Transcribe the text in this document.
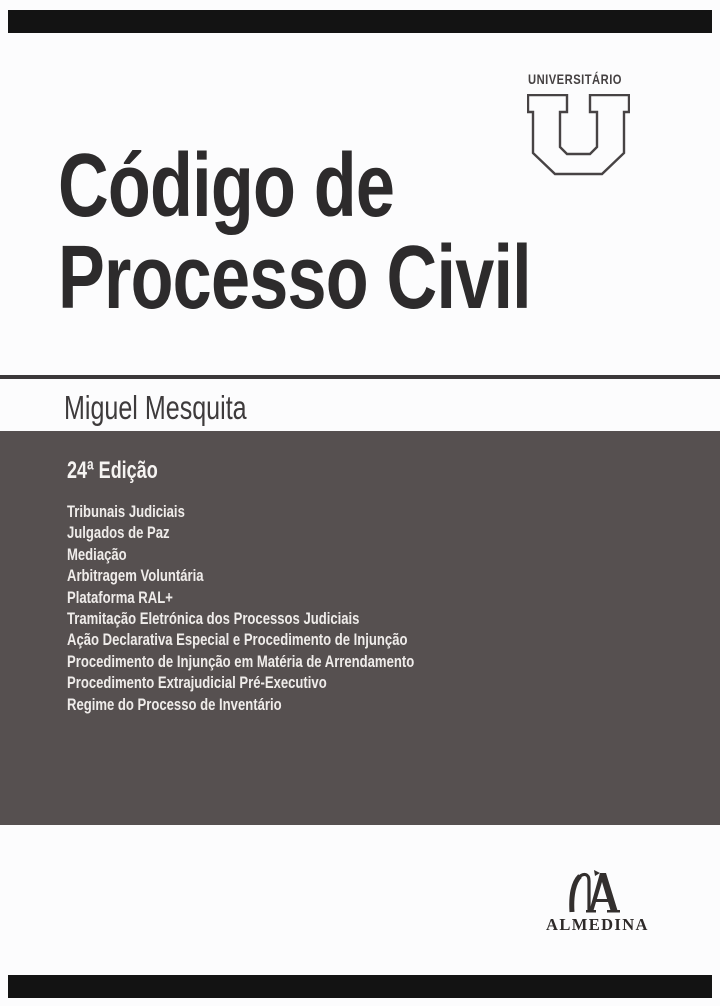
UNIVERSITÁRIO
Código de
Processo Civil
Miguel Mesquita
24ª Edição
Tribunais Judiciais
Julgados de Paz
Mediação
Arbitragem Voluntária
Plataforma RAL+
Tramitação Eletrónica dos Processos Judiciais
Ação Declarativa Especial e Procedimento de Injunção
Procedimento de Injunção em Matéria de Arrendamento
Procedimento Extrajudicial Pré-Executivo
Regime do Processo de Inventário
ALMEDINA
